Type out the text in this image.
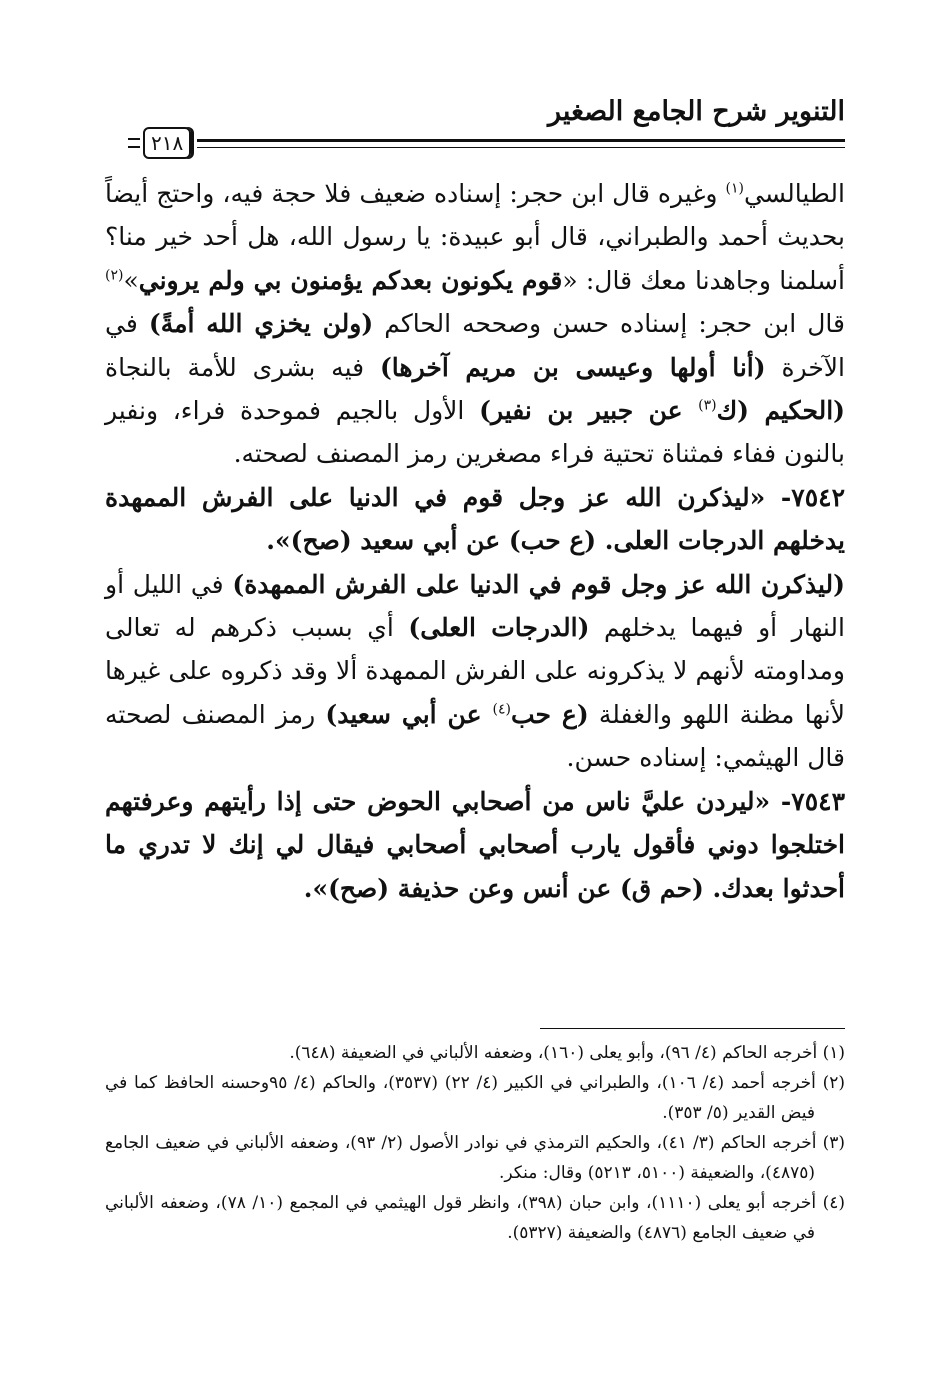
التنوير شرح الجامع الصغير
٢١٨

الطيالسي$^{(١)}$ وغيره قال ابن حجر: إسناده ضعيف فلا حجة فيه، واحتج أيضاً بحديث أحمد والطبراني، قال أبو عبيدة: يا رسول الله، هل أحد خير منا؟ أسلمنا وجاهدنا معك قال: «قوم يكونون بعدكم يؤمنون بي ولم يروني»$^{(٢)}$ قال ابن حجر: إسناده حسن وصححه الحاكم (ولن يخزي الله أمةً) في الآخرة (أنا أولها وعيسى بن مريم آخرها) فيه بشرى للأمة بالنجاة (الحكيم (ك$^{(٣)}$ عن جبير بن نفير) الأول بالجيم فموحدة فراء، ونفير بالنون ففاء فمثناة تحتية فراء مصغرين رمز المصنف لصحته.

٧٥٤٢- «ليذكرن الله عز وجل قوم في الدنيا على الفرش الممهدة يدخلهم الدرجات العلى. (ع حب) عن أبي سعيد (صح)».

(ليذكرن الله عز وجل قوم في الدنيا على الفرش الممهدة) في الليل أو النهار أو فيهما يدخلهم (الدرجات العلى) أي بسبب ذكرهم له تعالى ومداومته لأنهم لا يذكرونه على الفرش الممهدة ألا وقد ذكروه على غيرها لأنها مظنة اللهو والغفلة (ع حب$^{(٤)}$ عن أبي سعيد) رمز المصنف لصحته قال الهيثمي: إسناده حسن.

٧٥٤٣- «ليردن عليَّ ناس من أصحابي الحوض حتى إذا رأيتهم وعرفتهم اختلجوا دوني فأقول يارب أصحابي أصحابي فيقال لي إنك لا تدري ما أحدثوا بعدك. (حم ق) عن أنس وعن حذيفة (صح)».

(١) أخرجه الحاكم (٤/ ٩٦)، وأبو يعلى (١٦٠)، وضعفه الألباني في الضعيفة (٦٤٨).

(٢) أخرجه أحمد (٤/ ١٠٦)، والطبراني في الكبير (٤/ ٢٢) (٣٥٣٧)، والحاكم (٤/ ٩٥وحسنه الحافظ كما في فيض القدير (٥/ ٣٥٣).

(٣) أخرجه الحاكم (٣/ ٤١)، والحكيم الترمذي في نوادر الأصول (٢/ ٩٣)، وضعفه الألباني في ضعيف الجامع (٤٨٧٥)، والضعيفة (٥١٠٠، ٥٢١٣) وقال: منكر.

(٤) أخرجه أبو يعلى (١١١٠)، وابن حبان (٣٩٨)، وانظر قول الهيثمي في المجمع (١٠/ ٧٨)، وضعفه الألباني في ضعيف الجامع (٤٨٧٦) والضعيفة (٥٣٢٧).
